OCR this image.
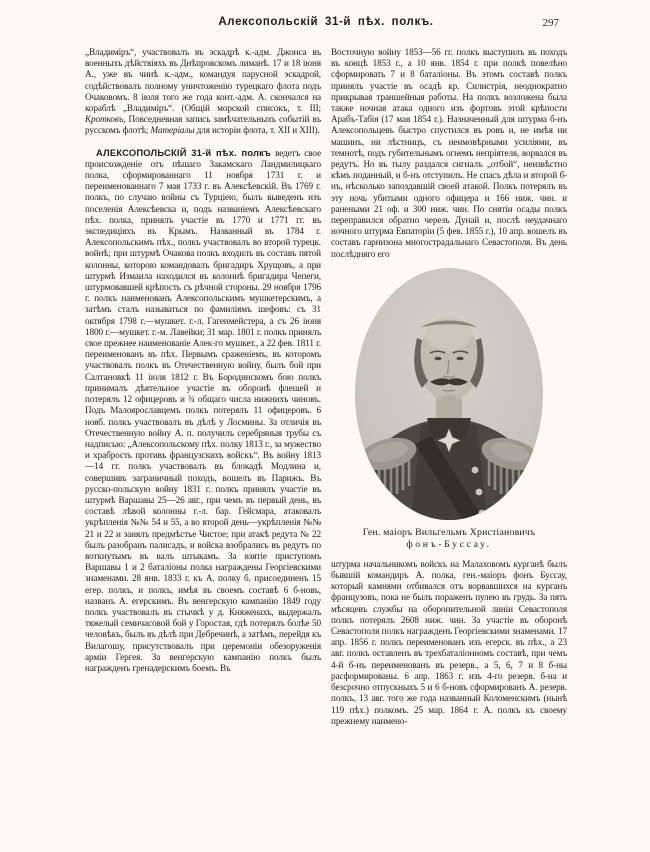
Алексопольскій 31-й пѣх. полкъ.	297

„Владиміръ“, участвовалъ въ эскадрѣ к.-адм. Джонса въ военныхъ дѣйствіяхъ въ Днѣпровскомъ лиманѣ. 17 и 18 іюня А., уже въ чинѣ к.-адм., командуя парусной эскадрой, содѣйствовалъ полному уничтоженію турецкаго флота подъ Очаковомъ. 8 іюля того же года конт.-адм. А. скончался на кораблѣ „Владиміръ“. (Общій морской списокъ, т. III; Кротковъ, Повседневная запись замѣчательныхъ событій въ русскомъ флотѣ; Матеріалы для исторіи флота, т. XII и XIII).

АЛЕКСОПОЛЬСКІЙ 31-й пѣх. полкъ ведетъ свое происхожденіе отъ пѣшаго Закамскаго Ландмилицкаго полка, сформированнаго 11 ноября 1731 г. и переименованнаго 7 мая 1733 г. въ Алексѣевскій. Въ 1769 г. полкъ, по случаю войны съ Турціею, былъ выведенъ изъ поселенія Алексѣевска и, подъ названіемъ Алексѣевскаго пѣх. полка, принялъ участіе въ 1770 и 1771 гг. въ экспедиціяхъ въ Крымъ. Названный въ 1784 г. Алексопольскимъ пѣх., полкъ участвовалъ во второй турецк. войнѣ; при штурмѣ Очакова полкъ входилъ въ составъ пятой колонны, которою командовалъ бригадиръ Хрущовъ, а при штурмѣ Измаила находился въ колоннѣ бригадира Чепеги, штурмовавшей крѣпость съ рѣчной стороны. 29 ноября 1796 г. полкъ наименованъ Алексопольскимъ мушкетерскимъ, а затѣмъ сталъ называться по фамиліямъ шефовъ: съ 31 октября 1798 г.—мушкет. г.-л. Гагенмейстера, а съ 26 іюня 1800 г.—мушкет. г.-м. Лавейки; 31 мар. 1801 г. полкъ принялъ свое прежнее наименованіе Алек-го мушкет., а 22 фев. 1811 г. переименованъ въ пѣх. Первымъ сраженіемъ, въ которомъ участвовалъ полкъ въ Отечественную войну, былъ бой при Салтановкѣ 11 іюля 1812 г. Въ Бородинскомъ бою полкъ принималъ дѣятельное участіе въ оборонѣ флешей и потерялъ 12 офицеровъ и ¾ общаго числа нижнихъ чиновъ. Подъ Малоярославцемъ полкъ потерялъ 11 офицеровъ. 6 нояб. полкъ участвовалъ въ дѣлѣ у Лосмины. За отличія въ Отечественную войну А. п. получилъ серебряныя трубы съ надписью: „Алексопольскому пѣх. полку 1813 г., за мужество и храбрость противъ французскихъ войскъ“. Въ войну 1813—14 гг. полкъ участвовалъ въ блокадѣ Модлина и, совершивъ заграничный походъ, вошелъ въ Парижъ. Въ русско-польскую войну 1831 г. полкъ принялъ участіе въ штурмѣ Варшавы 25—26 авг., при чемъ въ первый день, въ составѣ лѣвой колонны г.-л. бар. Гейсмара, атаковалъ укрѣпленія №№ 54 и 55, а во второй день—укрѣпленія №№ 21 и 22 и занялъ предмѣстье Чистое; при атакѣ редута № 22 былъ разобранъ палисадъ, и войска взобрались въ редутъ по воткнутымъ въ валъ штыкамъ. За взятіе приступомъ Варшавы 1 и 2 баталіоны полка награждены Георгіевскими знаменами. 28 янв. 1833 г. къ А. полку б. присоединенъ 15 егер. полкъ, и полкъ, имѣя въ своемъ составѣ 6 б-новъ, названъ А. егерскимъ. Въ венгерскую кампанію 1849 году полкъ участвовалъ въ стычкѣ у д. Княженахъ, выдержалъ тяжелый семичасовой бой у Горостая, гдѣ потерялъ болѣе 50 человѣкъ, былъ въ дѣлѣ при Дебречинѣ, а затѣмъ, перейдя къ Вилагошу, присутствовалъ при церемоніи обезоруженія арміи Гергея. За венгерскую кампанію полкъ былъ награжденъ гренадерскимъ боемъ. Въ

Восточную войну 1853—56 гг. полкъ выступилъ въ походъ въ концѣ 1853 г., а 10 янв. 1854 г. при полкѣ повелѣно сформировать 7 и 8 баталіоны. Въ этомъ составѣ полкъ принялъ участіе въ осадѣ кр. Силистрія, неоднократно прикрывая траншейныя работы. На полкъ возложена была также ночная атака одного изъ фортовъ этой крѣпости Арабъ-Табія (17 мая 1854 г.). Назначенный для штурма б-нъ Алексопольцевъ быстро спустился въ ровъ и, не имѣя ни машинъ, ни лѣстницъ, съ неимовѣрными усиліями, въ темнотѣ, подъ губительнымъ огнемъ непріятеля, ворвался въ редутъ. Но въ тылу раздался сигналъ „отбой“, неизвѣстно кѣмъ поданный, и б-нъ отступилъ. Не спасъ дѣла и второй б-нъ, нѣсколько запоздавшій своей атакой. Полкъ потерялъ въ эту ночь убитыми одного офицера и 166 ниж. чин. и ранеными 21 оф. и 300 ниж. чин. По снятіи осады полкъ переправился обратно черезъ Дунай и, послѣ неудачнаго ночного штурма Евпаторіи (5 фев. 1855 г.), 10 апр. вошелъ въ составъ гарнизона многострадальнаго Севастополя. Въ день послѣдняго его

Ген. маіоръ Вильгельмъ Христіановичъ
фонъ-Буссау.

штурма начальникомъ войскъ на Малаховомъ курганѣ былъ бывшій командиръ А. полка, ген.-маіоръ фонъ Буссау, который камнями отбивался отъ ворвавшихся на курганъ французовъ, пока не былъ пораженъ пулею въ грудь. За пять мѣсяцевъ службы на оборонительной линіи Севастополя полкъ потерялъ 2608 ниж. чин. За участіе въ оборонѣ Севастополя полкъ награжденъ Георгіевскими знаменами. 17 апр. 1856 г. полкъ переименованъ изъ егерск. въ пѣх., а 23 авг. полкъ оставленъ въ трехбаталіонномъ составѣ, при чемъ 4-й б-нъ переименованъ въ резерв., а 5, 6, 7 и 8 б-ны расформированы. 6 апр. 1863 г. изъ 4-го резерв. б-на и безсрочно отпускныхъ 5 и 6 б-новъ сформированъ А. резерв. полкъ, 13 авг. того же года названный Коломенскимъ (нынѣ 119 пѣх.) полкомъ. 25 мар. 1864 г. А. полкъ къ своему прежнему наимено-
